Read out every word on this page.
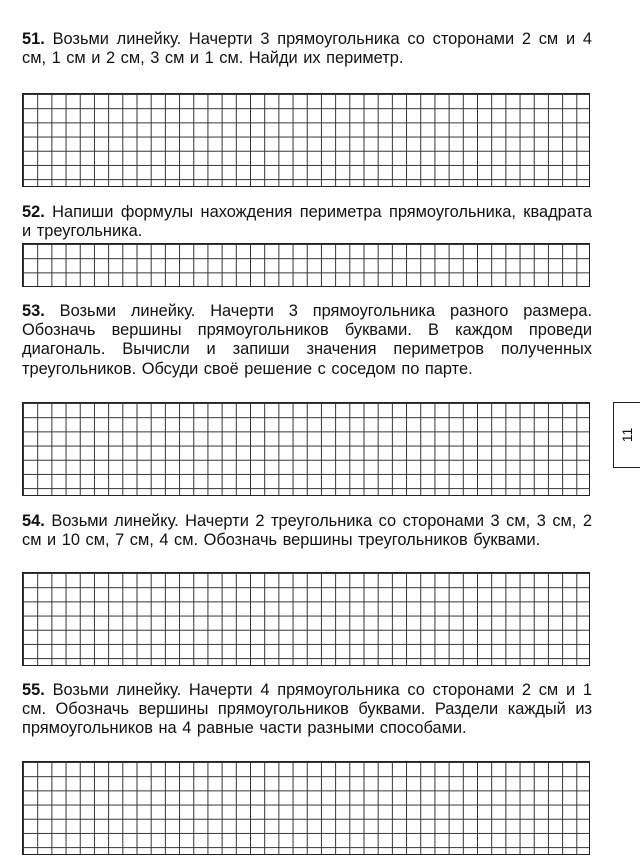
51. Возьми линейку. Начерти 3 прямоугольника со сторонами 2 см и 4 см, 1 см и 2 см, 3 см и 1 см. Найди их периметр.
52. Напиши формулы нахождения периметра прямоугольника, квадрата и треугольника.
53. Возьми линейку. Начерти 3 прямоугольника разного размера. Обозначь вершины прямоугольников буквами. В каждом проведи диагональ. Вычисли и запиши значения периметров полученных треугольников. Обсуди своё решение с соседом по парте.
54. Возьми линейку. Начерти 2 треугольника со сторонами 3 см, 3 см, 2 см и 10 см, 7 см, 4 см. Обозначь вершины треугольников буквами.
55. Возьми линейку. Начерти 4 прямоугольника со сторонами 2 см и 1 см. Обозначь вершины прямоугольников буквами. Раздели каждый из прямоугольников на 4 равные части разными способами.
11
